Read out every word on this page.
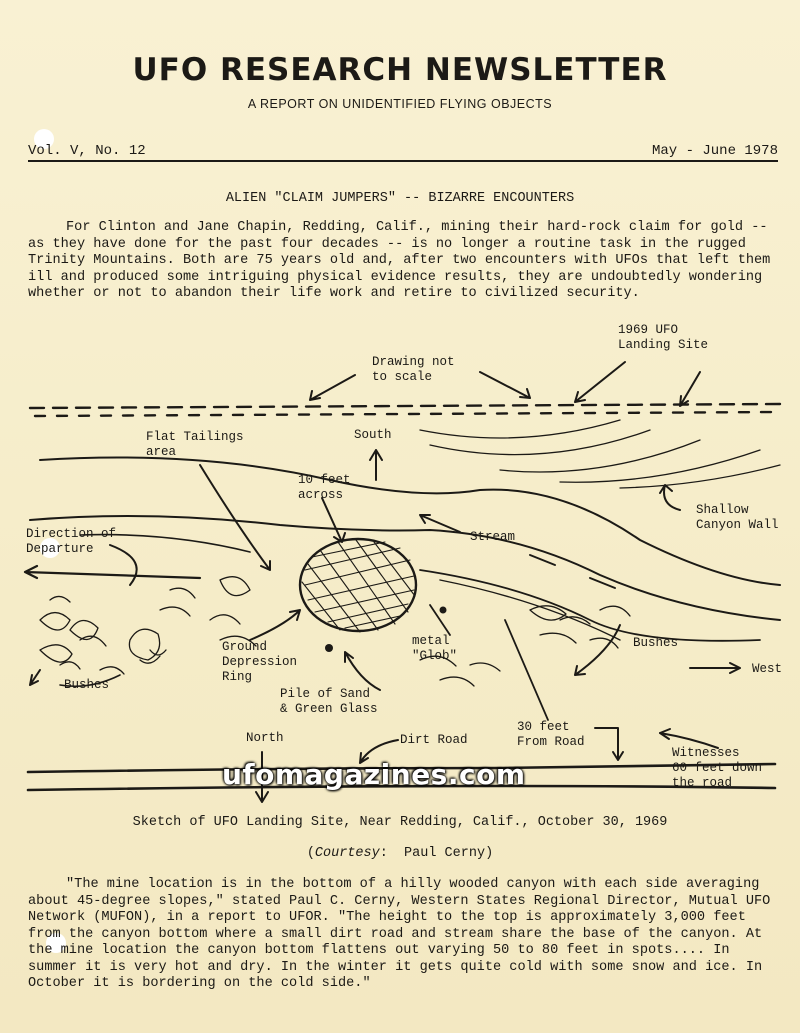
UFO RESEARCH NEWSLETTER
A REPORT ON UNIDENTIFIED FLYING OBJECTS
Vol. V, No. 12	May - June 1978
ALIEN "CLAIM JUMPERS" -- BIZARRE ENCOUNTERS

For Clinton and Jane Chapin, Redding, Calif., mining their hard-rock claim for gold -- as they have done for the past four decades -- is no longer a routine task in the rugged Trinity Mountains. Both are 75 years old and, after two encounters with UFOs that left them ill and produced some intriguing physical evidence results, they are undoubtedly wondering whether or not to abandon their life work and retire to civilized security.

Drawing not
to scale
1969 UFO
Landing Site
South
Flat Tailings
area
10 feet
across
Shallow
Canyon Wall
Direction of
Departure
Stream
Ground
Depression
Ring
metal
"Glob"
Bushes
West
Bushes
Pile of Sand
& Green Glass
30 feet
From Road
North	Dirt Road
Witnesses
60 feet down
the road
ufomagazines.com
Sketch of UFO Landing Site, Near Redding, Calif., October 30, 1969
(Courtesy:  Paul Cerny)

"The mine location is in the bottom of a hilly wooded canyon with each side averaging about 45-degree slopes," stated Paul C. Cerny, Western States Regional Director, Mutual UFO Network (MUFON), in a report to UFOR. "The height to the top is approximately 3,000 feet from the canyon bottom where a small dirt road and stream share the base of the canyon. At the mine location the canyon bottom flattens out varying 50 to 80 feet in spots.... In summer it is very hot and dry. In the winter it gets quite cold with some snow and ice. In October it is bordering on the cold side."
